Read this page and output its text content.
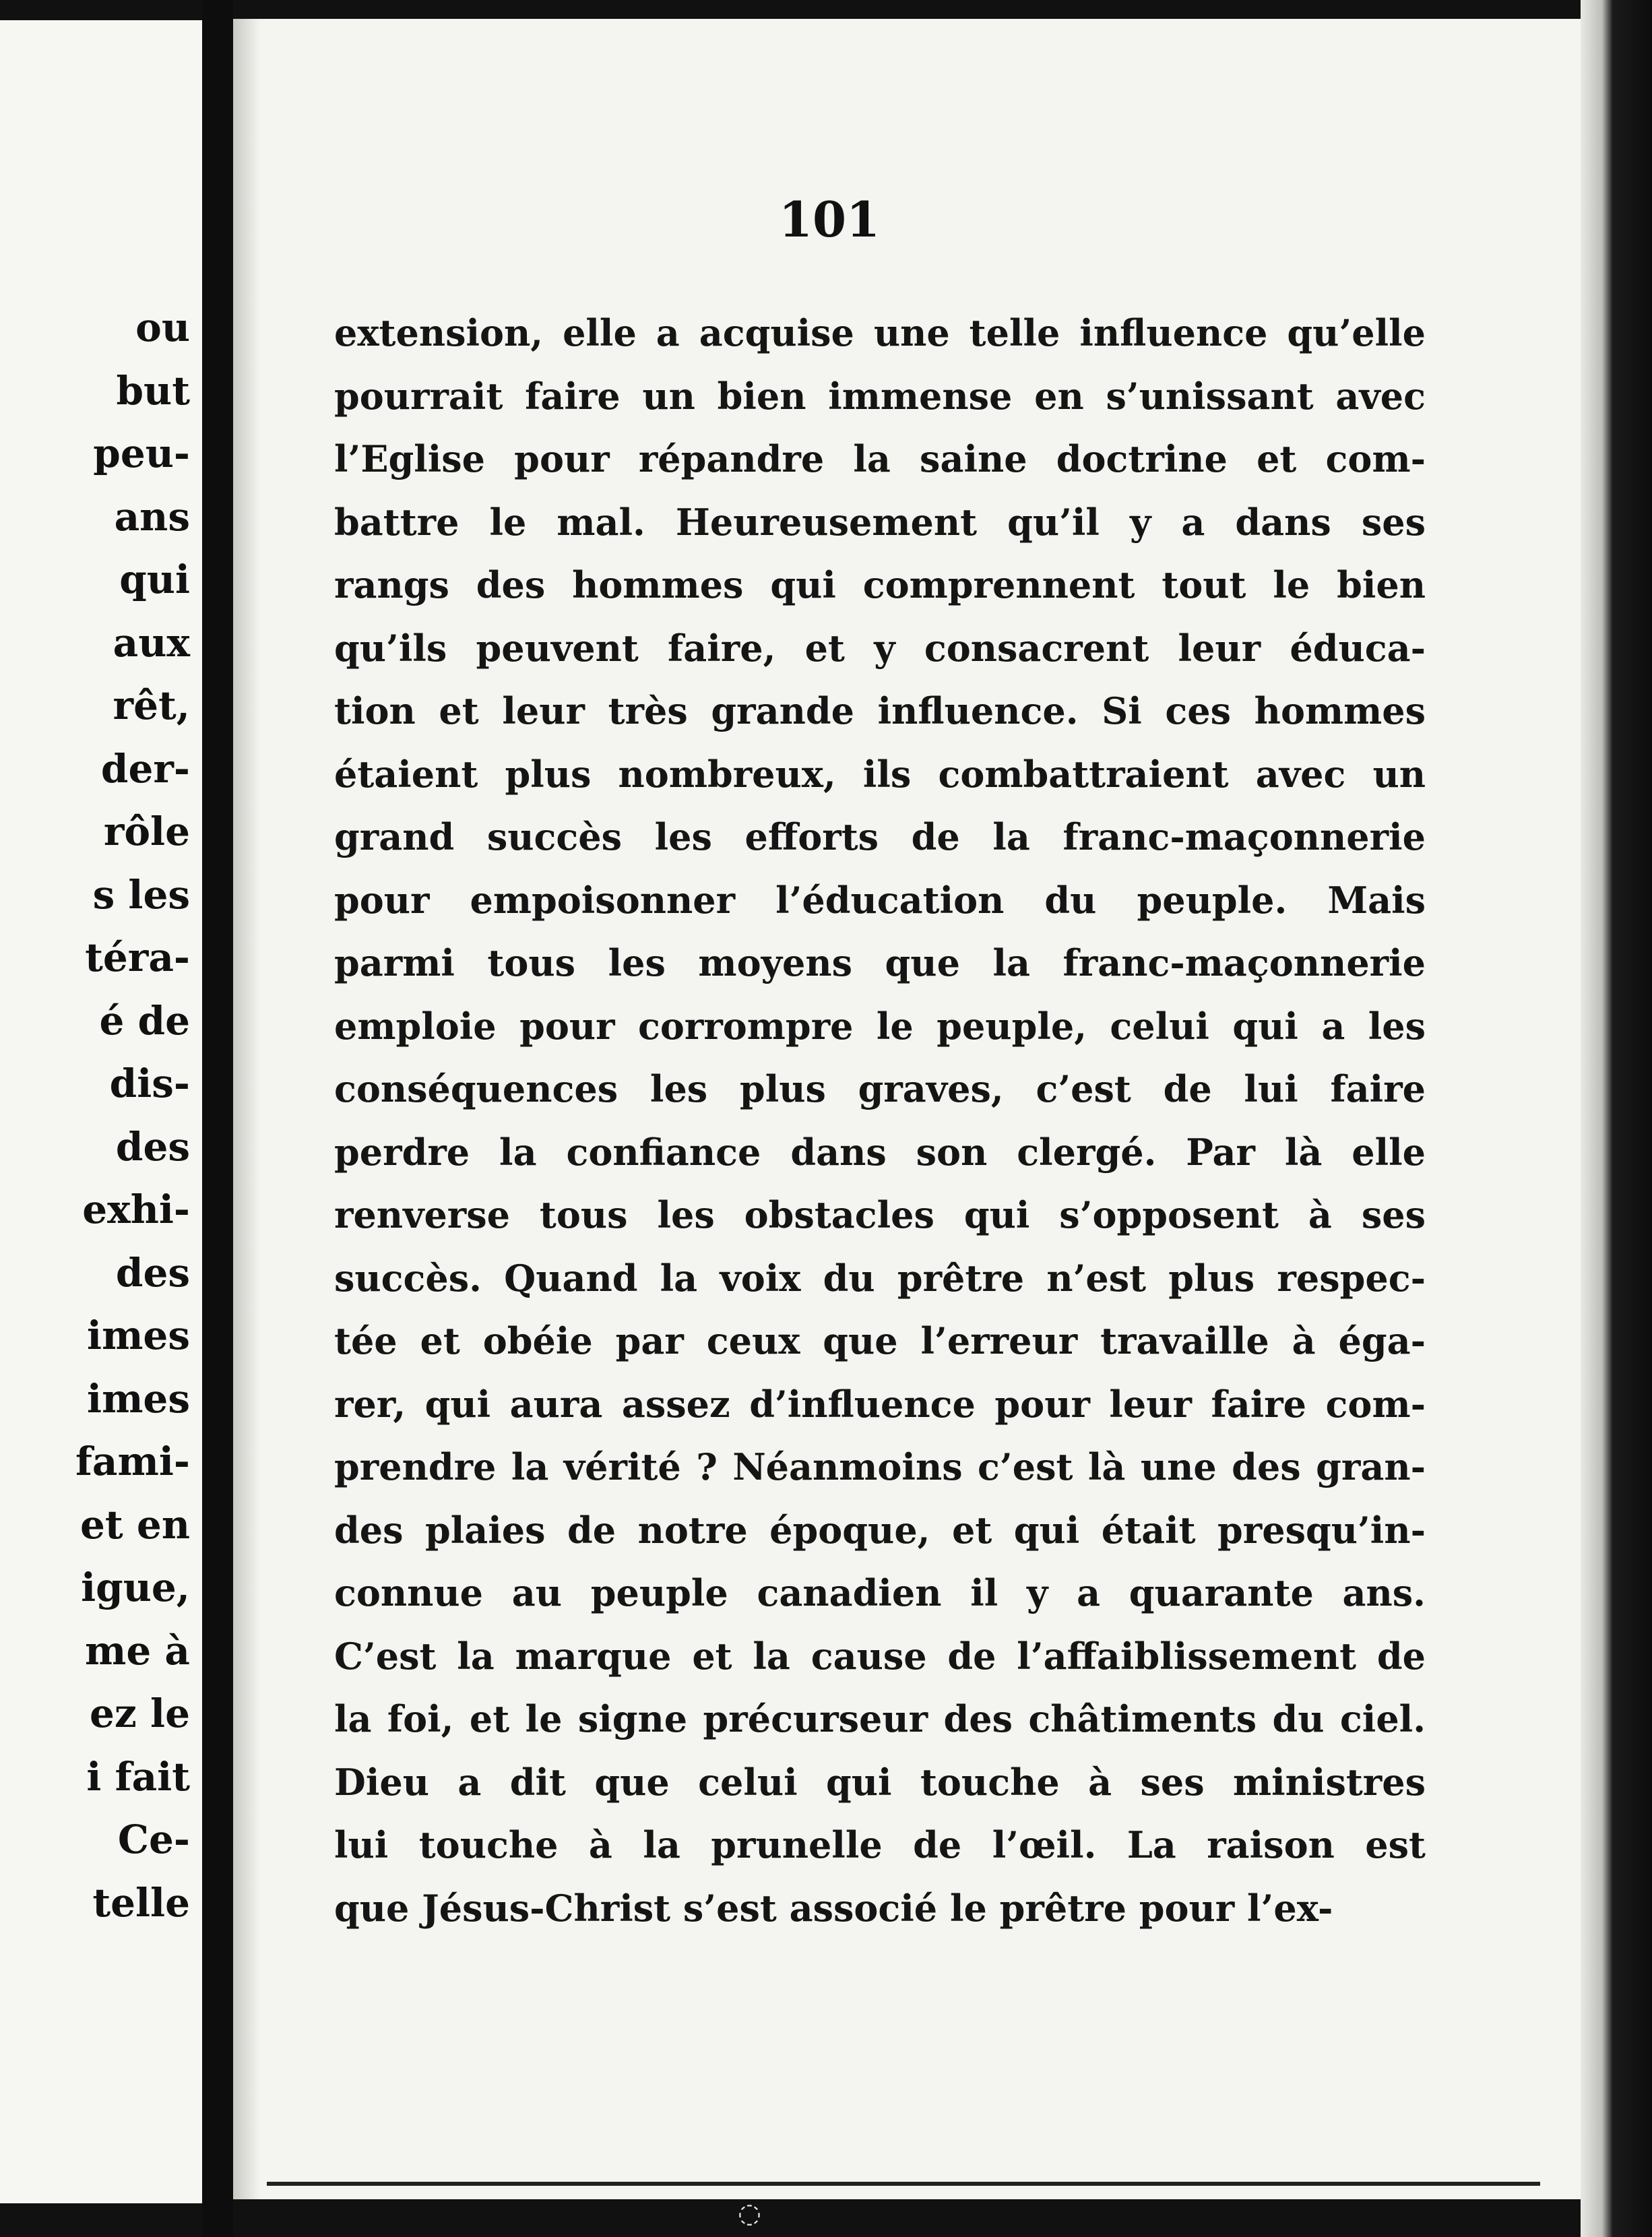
ou
but
peu-
ans
qui
aux
rêt,
der-
rôle
s les
téra-
é de
dis-
des
exhi-
des
imes
imes
fami-
et en
igue,
me à
ez le
i fait
Ce-
telle
101
extension, elle a acquise une telle influence qu’elle
pourrait faire un bien immense en s’unissant avec
l’Eglise pour répandre la saine doctrine et com-
battre le mal. Heureusement qu’il y a dans ses
rangs des hommes qui comprennent tout le bien
qu’ils peuvent faire, et y consacrent leur éduca-
tion et leur très grande influence. Si ces hommes
étaient plus nombreux, ils combattraient avec un
grand succès les efforts de la franc-maçonnerie
pour empoisonner l’éducation du peuple. Mais
parmi tous les moyens que la franc-maçonnerie
emploie pour corrompre le peuple, celui qui a les
conséquences les plus graves, c’est de lui faire
perdre la confiance dans son clergé. Par là elle
renverse tous les obstacles qui s’opposent à ses
succès. Quand la voix du prêtre n’est plus respec-
tée et obéie par ceux que l’erreur travaille à éga-
rer, qui aura assez d’influence pour leur faire com-
prendre la vérité ? Néanmoins c’est là une des gran-
des plaies de notre époque, et qui était presqu’in-
connue au peuple canadien il y a quarante ans.
C’est la marque et la cause de l’affaiblissement de
la foi, et le signe précurseur des châtiments du ciel.
Dieu a dit que celui qui touche à ses ministres
lui touche à la prunelle de l’œil. La raison est
que Jésus-Christ s’est associé le prêtre pour l’ex-
◌
